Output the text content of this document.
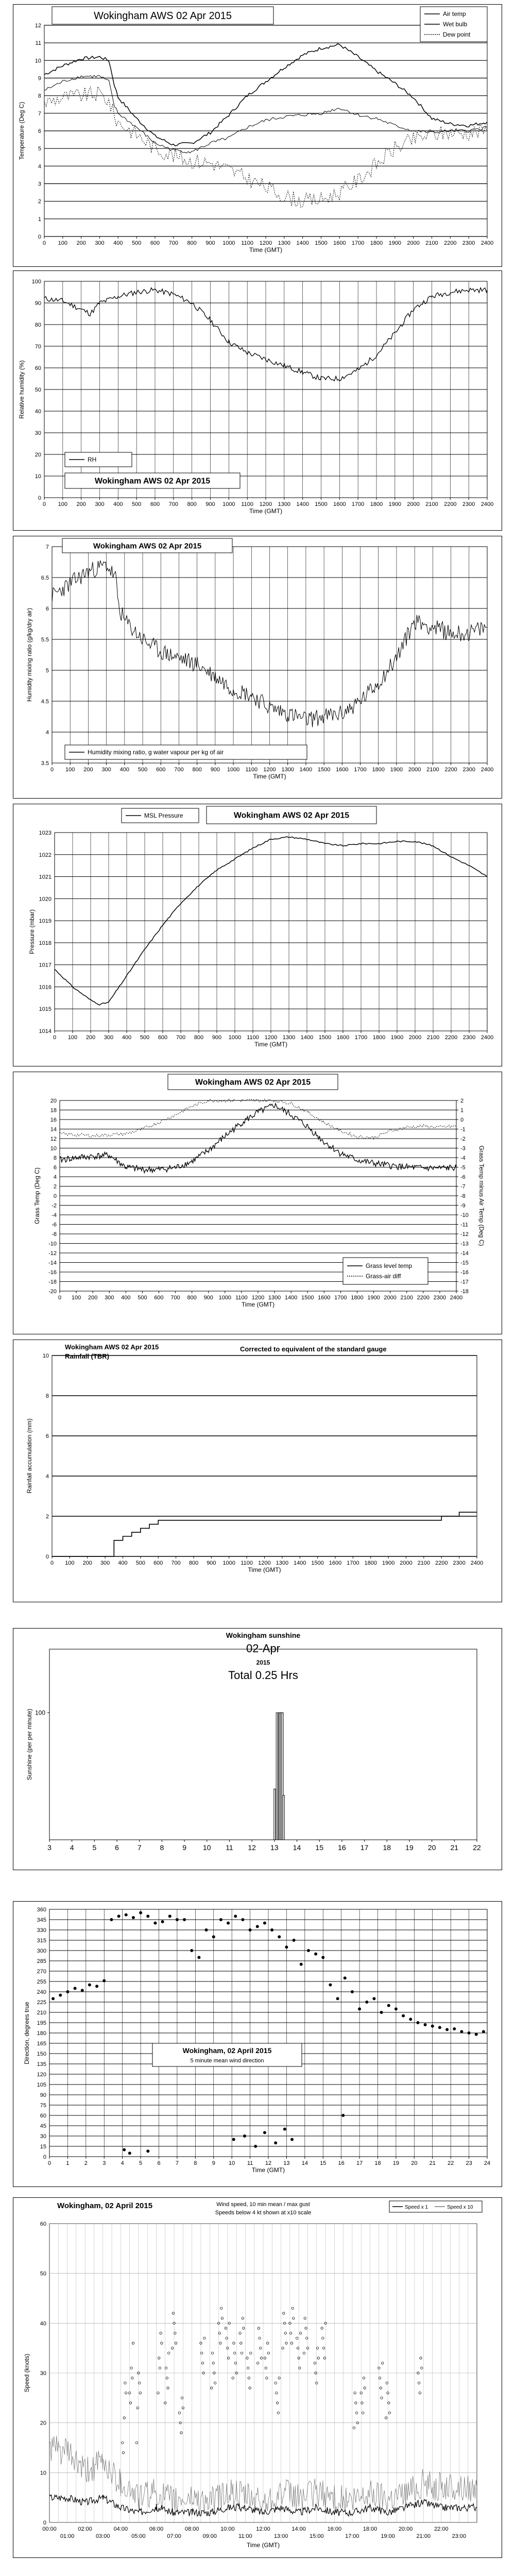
0
1
2
3
4
5
6
7
8
9
10
11
12
0 100 200 300 400 500 600 700 800 900 1000 1100 1200 1300 1400 1500 1600 1700 1800 1900 2000 2100 2200 2300 2400
Time (GMT)
Temperature (Deg C)
Wokingham AWS 02 Apr 2015	Air temp
Wet bulb
Dew point
0
10
20
30
40
50
60
70
80
90
100
0 100 200 300 400 500 600 700 800 900 1000 1100 1200 1300 1400 1500 1600 1700 1800 1900 2000 2100 2200 2300 2400
Time (GMT)
Relative humidity (%)
RH
Wokingham AWS 02 Apr 2015
3.5
4
4.5
5
5.5
6
6.5
7
0 100 200 300 400 500 600 700 800 900 1000 1100 1200 1300 1400 1500 1600 1700 1800 1900 2000 2100 2200 2300 2400
Time (GMT)
Humidity mixing ratio (g/kg/dry air)
Wokingham AWS 02 Apr 2015
Humidity mixing ratio, g water vapour per kg of air
1014
1015
1016
1017
1018
1019
1020
1021
1022
1023
0 100 200 300 400 500 600 700 800 900 1000 1100 1200 1300 1400 1500 1600 1700 1800 1900 2000 2100 2200 2300 2400
Time (GMT)
Pressure (mbar)
MSL Pressure	Wokingham AWS 02 Apr 2015
-20
-18
-16
-14
-12
-10
-8
-6
-4
-2
0
2
4
6
8
10
12
14
16
18
20
0 100 200 300 400 500 600 700 800 900 1000 1100 1200 1300 1400 1500 1600 1700 1800 1900 2000 2100 2200 2300 2400
Time (GMT)
Grass Temp (Deg C)
-18
-17
-16
-15
-14
-13
-12
-11
-10
-9
-8
-7
-6
-5
-4
-3
-2
-1
0
1
2
Grass Temp minus Air Temp (Deg C)
Wokingham AWS 02 Apr 2015
Grass level temp
Grass-air diff
0
2
4
6
8
10
0 100 200 300 400 500 600 700 800 900 1000 1100 1200 1300 1400 1500 1600 1700 1800 1900 2000 2100 2200 2300 2400
Time (GMT)
Rainfall accumulation (mm)
Wokingham AWS 02 Apr 2015
Rainfall (TBR)
Corrected to equivalent of the standard gauge
3	4	5	6	7	8	9 10 11 12 13 14 15 16 17 18 19 20 21 22
100
Sunshine (per per minute)
Wokingham sunshine
02-Apr
2015
Total 0.25 Hrs
0
15
30
45
60
75
90
105
120
135
150
165
180
195
210
225
240
255
270
285
300
315
330
345
360
0	1	2	3	4	5	6	7	8	9 10 11 12 13 14 15 16 17 18 19 20 21 22 23 24
Time (GMT)
Direction, degrees true	Wokingham, 02 April 2015
5 minute mean wind direction
0
10
20
30
40
50
60
00:00	02:00	04:00	06:00	08:00	10:00	12:00	14:00	16:00	18:00	20:00	22:00
01:00	03:00	05:00	07:00	09:00	11:00	13:00	15:00	17:00	19:00	21:00	23:00
Time (GMT)
Speed (knots)
Wokingham, 02 April 2015	Wind speed, 10 min mean / max gust
Speeds below 4 kt shown at x10 scale
Speed x 1	Speed x 10
